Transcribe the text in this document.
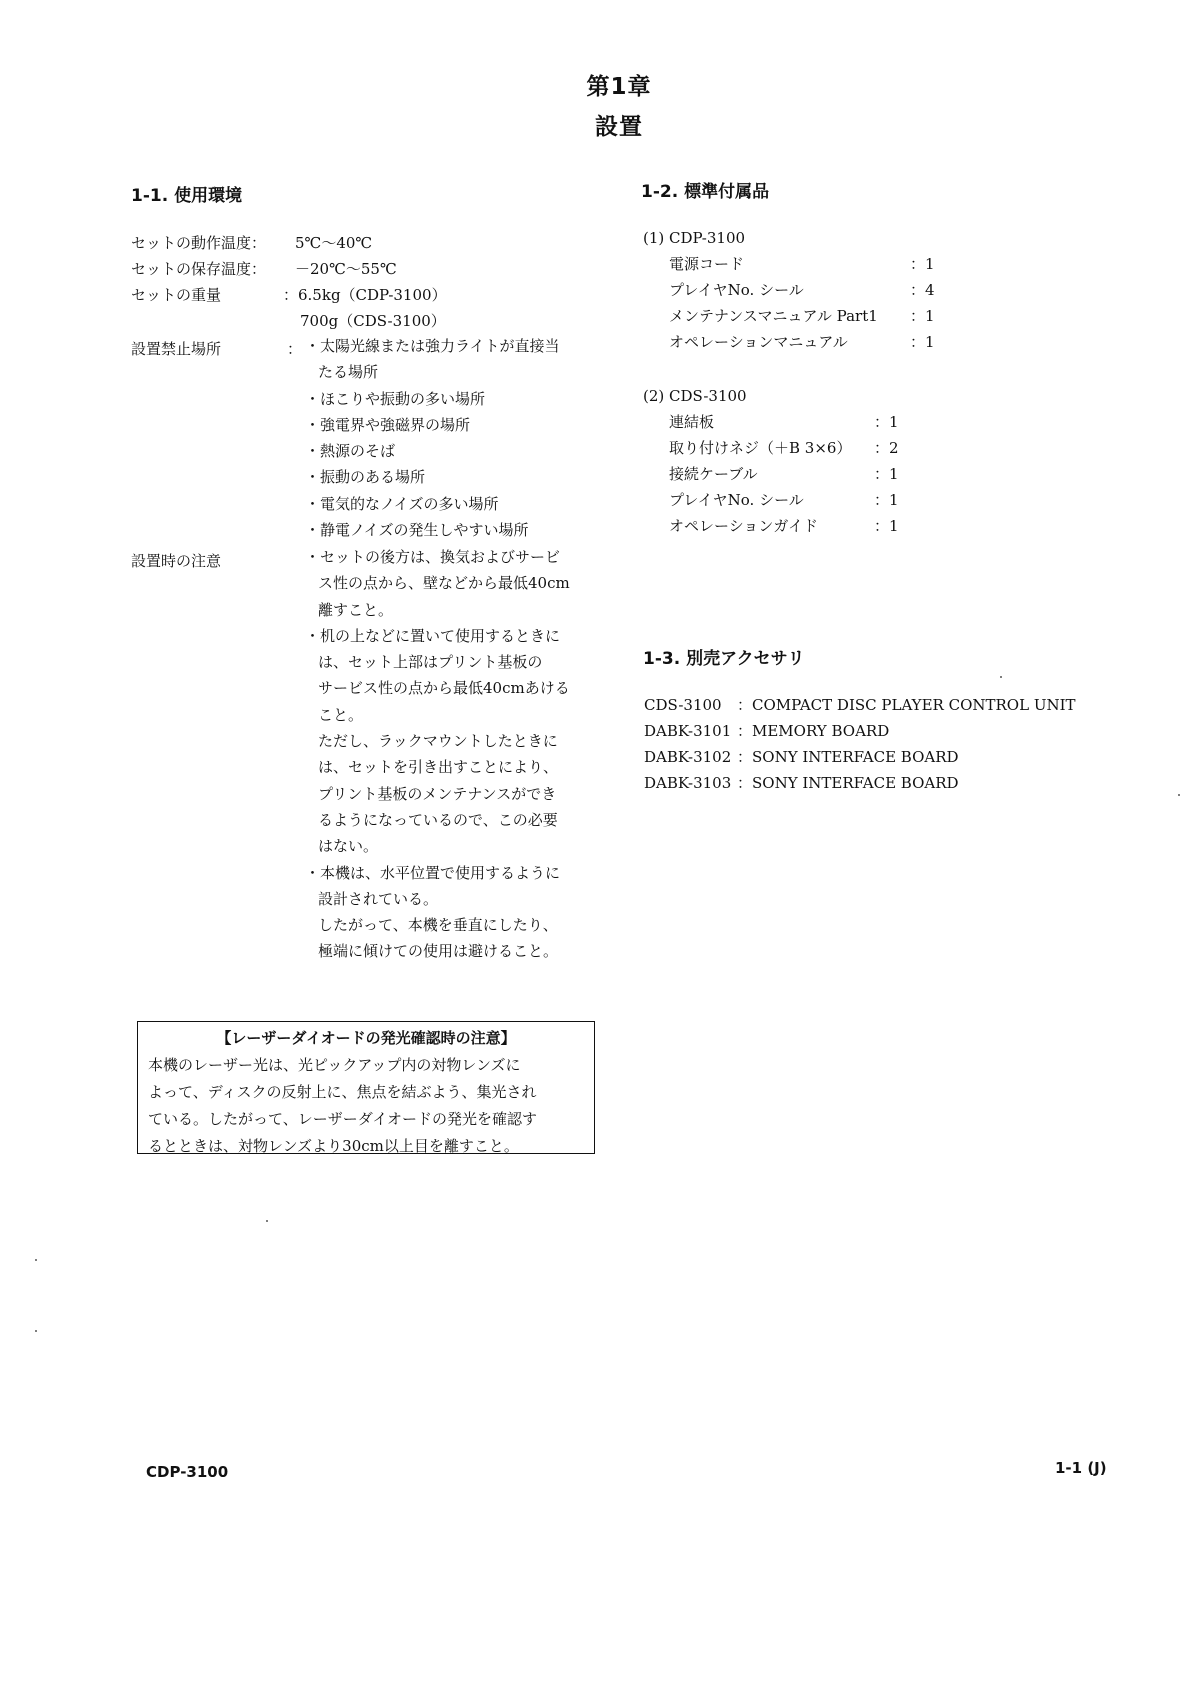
第1章
設置
1-1. 使用環境
セットの動作温度： 5℃～40℃
セットの保存温度： －20℃～55℃
セットの重量	：6.5kg（CDP-3100）
700g（CDS-3100）
設置禁止場所	： ・太陽光線または強力ライトが直接当
たる場所
・ほこりや振動の多い場所
・強電界や強磁界の場所
・熱源のそば
・振動のある場所
・電気的なノイズの多い場所
・静電ノイズの発生しやすい場所
設置時の注意	・セットの後方は、換気およびサービ
ス性の点から、壁などから最低40cm
離すこと。
・机の上などに置いて使用するときに
は、セット上部はプリント基板の
サービス性の点から最低40cmあける
こと。
ただし、ラックマウントしたときに
は、セットを引き出すことにより、
プリント基板のメンテナンスができ
るようになっているので、この必要
はない。
・本機は、水平位置で使用するように
設計されている。
したがって、本機を垂直にしたり、
極端に傾けての使用は避けること。
【レーザーダイオードの発光確認時の注意】
本機のレーザー光は、光ピックアップ内の対物レンズに
よって、ディスクの反射上に、焦点を結ぶよう、集光され
ている。したがって、レーザーダイオードの発光を確認す
るとときは、対物レンズより30cm以上目を離すこと。
1-2. 標準付属品
(1) CDP-3100
電源コード	：1
プレイヤNo. シール	：4
メンテナンスマニュアル Part1 ：1
オペレーションマニュアル	：1
(2) CDS-3100
連結板	：1
取り付けネジ（＋B 3×6） ：2
接続ケーブル	：1
プレイヤNo. シール	：1
オペレーションガイド	：1
1-3. 別売アクセサリ
CDS-3100 ：COMPACT DISC PLAYER CONTROL UNIT
DABK-3101 ：MEMORY BOARD
DABK-3102 ：SONY INTERFACE BOARD
DABK-3103 ：SONY INTERFACE BOARD
CDP-3100	1-1 (J)
